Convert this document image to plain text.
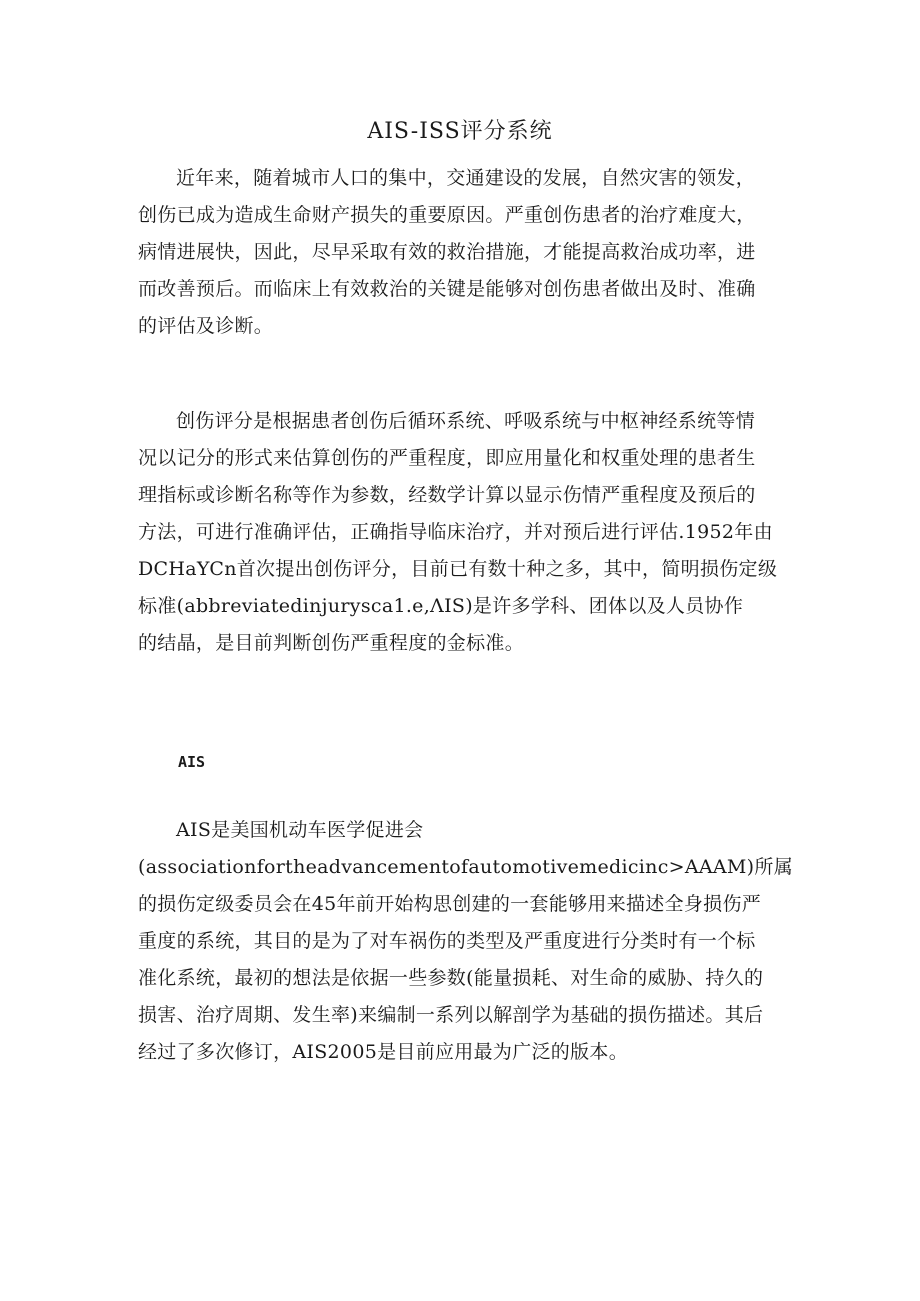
AIS-ISS评分系统

近年来，随着城市人口的集中，交通建设的发展，自然灾害的领发，
创伤已成为造成生命财产损失的重要原因。严重创伤患者的治疗难度大，
病情进展快，因此，尽早采取有效的救治措施，才能提高救治成功率，进
而改善预后。而临床上有效救治的关键是能够对创伤患者做出及时、准确
的评估及诊断。

创伤评分是根据患者创伤后循环系统、呼吸系统与中枢神经系统等情
况以记分的形式来估算创伤的严重程度，即应用量化和权重处理的患者生
理指标或诊断名称等作为参数，经数学计算以显示伤情严重程度及预后的
方法，可进行准确评估，正确指导临床治疗，并对预后进行评估.1952年由
DCHaYCn首次提出创伤评分，目前已有数十种之多，其中，简明损伤定级
标准(abbreviatedinjurysca1.e,ΛIS)是许多学科、团体以及人员协作
的结晶，是目前判断创伤严重程度的金标准。

AIS

AIS是美国机动车医学促进会
(associationfortheadvancementofautomotivemedicinc>AAAM)所属
的损伤定级委员会在45年前开始构思创建的一套能够用来描述全身损伤严
重度的系统，其目的是为了对车祸伤的类型及严重度进行分类时有一个标
准化系统，最初的想法是依据一些参数(能量损耗、对生命的威胁、持久的
损害、治疗周期、发生率)来编制一系列以解剖学为基础的损伤描述。其后
经过了多次修订，AIS2005是目前应用最为广泛的版本。
